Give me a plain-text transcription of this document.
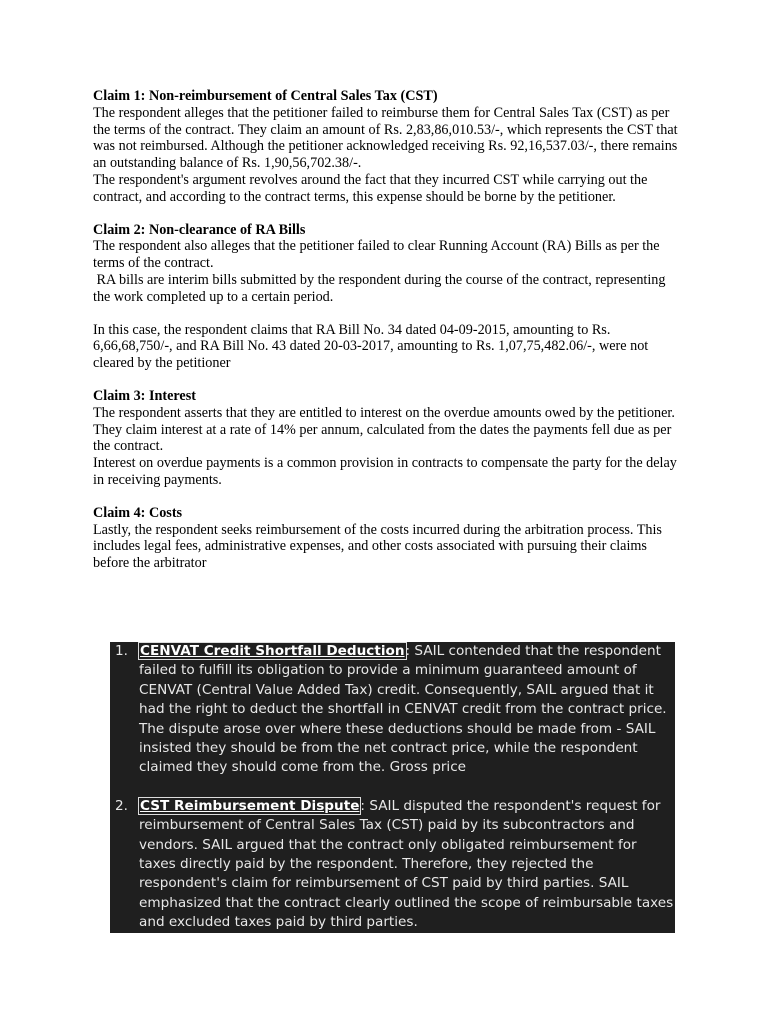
Claim 1: Non-reimbursement of Central Sales Tax (CST)
The respondent alleges that the petitioner failed to reimburse them for Central Sales Tax (CST) as per the terms of the contract. They claim an amount of Rs. 2,83,86,010.53/-, which represents the CST that was not reimbursed. Although the petitioner acknowledged receiving Rs. 92,16,537.03/-, there remains an outstanding balance of Rs. 1,90,56,702.38/-.
The respondent's argument revolves around the fact that they incurred CST while carrying out the contract, and according to the contract terms, this expense should be borne by the petitioner.
Claim 2: Non-clearance of RA Bills
The respondent also alleges that the petitioner failed to clear Running Account (RA) Bills as per the terms of the contract.
RA bills are interim bills submitted by the respondent during the course of the contract, representing the work completed up to a certain period.
In this case, the respondent claims that RA Bill No. 34 dated 04-09-2015, amounting to Rs. 6,66,68,750/-, and RA Bill No. 43 dated 20-03-2017, amounting to Rs. 1,07,75,482.06/-, were not cleared by the petitioner
Claim 3: Interest
The respondent asserts that they are entitled to interest on the overdue amounts owed by the petitioner. They claim interest at a rate of 14% per annum, calculated from the dates the payments fell due as per the contract.
Interest on overdue payments is a common provision in contracts to compensate the party for the delay in receiving payments.
Claim 4: Costs
Lastly, the respondent seeks reimbursement of the costs incurred during the arbitration process. This includes legal fees, administrative expenses, and other costs associated with pursuing their claims before the arbitrator
1. CENVAT Credit Shortfall Deduction: SAIL contended that the respondent failed to fulfill its obligation to provide a minimum guaranteed amount of CENVAT (Central Value Added Tax) credit. Consequently, SAIL argued that it had the right to deduct the shortfall in CENVAT credit from the contract price. The dispute arose over where these deductions should be made from - SAIL insisted they should be from the net contract price, while the respondent claimed they should come from the. Gross price
2. CST Reimbursement Dispute: SAIL disputed the respondent's request for reimbursement of Central Sales Tax (CST) paid by its subcontractors and vendors. SAIL argued that the contract only obligated reimbursement for taxes directly paid by the respondent. Therefore, they rejected the respondent's claim for reimbursement of CST paid by third parties. SAIL emphasized that the contract clearly outlined the scope of reimbursable taxes and excluded taxes paid by third parties.
